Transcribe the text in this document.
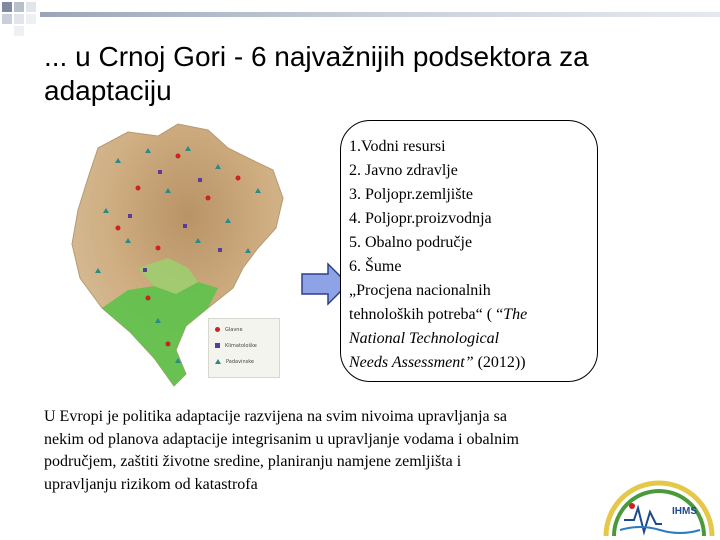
... u Crnoj Gori - 6 najvažnijih podsektora za adaptaciju
Glavne
Klimatološke
Padavinske
1.Vodni resursi
2. Javno zdravlje
3. Poljopr.zemljište
4. Poljopr.proizvodnja
5. Obalno područje
6. Šume
„Procjena nacionalnih
tehnoloških potreba“ ( “The
National Technological
Needs Assessment” (2012))
U Evropi je politika adaptacije razvijena na svim nivoima upravljanja sa nekim od planova adaptacije integrisanim u upravljanje vodama i obalnim područjem, zaštiti životne sredine, planiranju namjene zemljišta i upravljanju rizikom od katastrofa
IHMS
